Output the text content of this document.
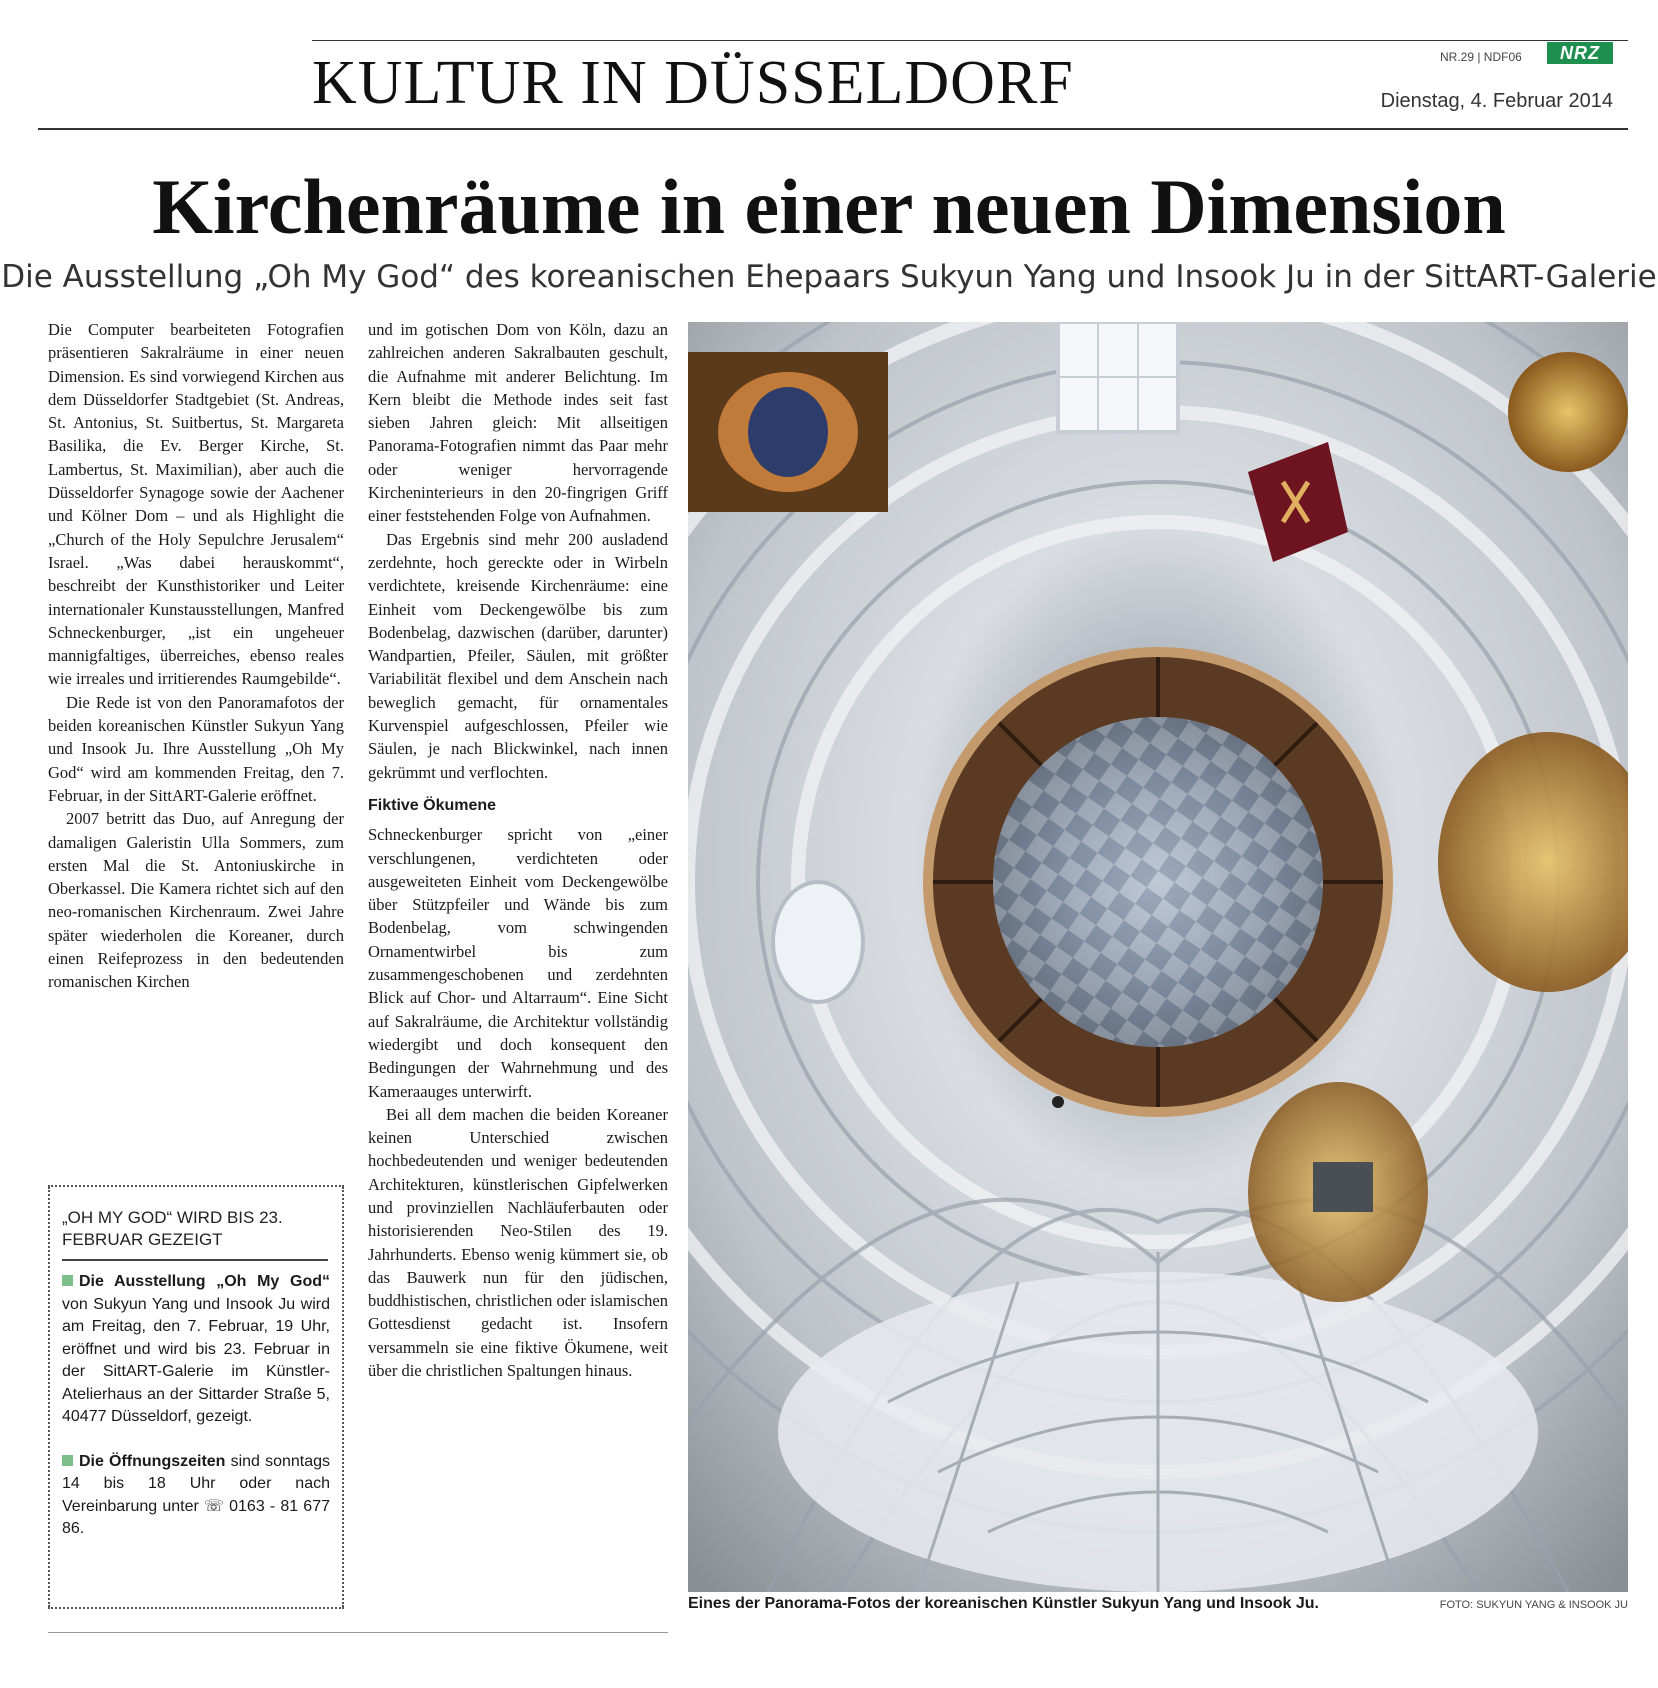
KULTUR IN DÜSSELDORF	NR.29 | NDF06	NRZ
Dienstag, 4. Februar 2014
Kirchenräume in einer neuen Dimension
Die Ausstellung „Oh My God“ des koreanischen Ehepaars Sukyun Yang und Insook Ju in der SittART-Galerie

Die Computer bearbeiteten Fotografien präsentieren Sakralräume in einer neuen Dimension. Es sind vorwiegend Kirchen aus dem Düsseldorfer Stadtgebiet (St. Andreas, St. Antonius, St. Suitbertus, St. Margareta Basilika, die Ev. Berger Kirche, St. Lambertus, St. Maximilian), aber auch die Düsseldorfer Synagoge sowie der Aachener und Kölner Dom – und als Highlight die „Church of the Holy Sepulchre Jerusalem“ Israel. „Was dabei herauskommt“, beschreibt der Kunsthistoriker und Leiter internationaler Kunstausstellungen, Manfred Schneckenburger, „ist ein ungeheuer mannigfaltiges, überreiches, ebenso reales wie irreales und irritierendes Raumgebilde“.

Die Rede ist von den Panoramafotos der beiden koreanischen Künstler Sukyun Yang und Insook Ju. Ihre Ausstellung „Oh My God“ wird am kommenden Freitag, den 7. Februar, in der SittART-Galerie eröffnet.

2007 betritt das Duo, auf Anregung der damaligen Galeristin Ulla Sommers, zum ersten Mal die St. Antoniuskirche in Oberkassel. Die Kamera richtet sich auf den neo-romanischen Kirchenraum. Zwei Jahre später wiederholen die Koreaner, durch einen Reifeprozess in den bedeutenden romanischen Kirchen

und im gotischen Dom von Köln, dazu an zahlreichen anderen Sakralbauten geschult, die Aufnahme mit anderer Belichtung. Im Kern bleibt die Methode indes seit fast sieben Jahren gleich: Mit allseitigen Panorama-Fotografien nimmt das Paar mehr oder weniger hervorragende Kircheninterieurs in den 20-fingrigen Griff einer feststehenden Folge von Aufnahmen.

Das Ergebnis sind mehr 200 ausladend zerdehnte, hoch gereckte oder in Wirbeln verdichtete, kreisende Kirchenräume: eine Einheit vom Deckengewölbe bis zum Bodenbelag, dazwischen (darüber, darunter) Wandpartien, Pfeiler, Säulen, mit größter Variabilität flexibel und dem Anschein nach beweglich gemacht, für ornamentales Kurvenspiel aufgeschlossen, Pfeiler wie Säulen, je nach Blickwinkel, nach innen gekrümmt und verflochten.

Fiktive Ökumene

Schneckenburger spricht von „einer verschlungenen, verdichteten oder ausgeweiteten Einheit vom Deckengewölbe über Stützpfeiler und Wände bis zum Bodenbelag, vom schwingenden Ornamentwirbel bis zum zusammengeschobenen und zerdehnten Blick auf Chor- und Altarraum“. Eine Sicht auf Sakralräume, die Architektur vollständig wiedergibt und doch konsequent den Bedingungen der Wahrnehmung und des Kameraauges unterwirft.

Bei all dem machen die beiden Koreaner keinen Unterschied zwischen hochbedeutenden und weniger bedeutenden Architekturen, künstlerischen Gipfelwerken und provinziellen Nachläuferbauten oder historisierenden Neo-Stilen des 19. Jahrhunderts. Ebenso wenig kümmert sie, ob das Bauwerk nun für den jüdischen, buddhistischen, christlichen oder islamischen Gottesdienst gedacht ist. Insofern versammeln sie eine fiktive Ökumene, weit über die christlichen Spaltungen hinaus.

„OH MY GOD“ WIRD BIS 23. FEBRUAR GEZEIGT

Die Ausstellung „Oh My God“ von Sukyun Yang und Insook Ju wird am Freitag, den 7. Februar, 19 Uhr, eröffnet und wird bis 23. Februar in der SittART-Galerie im Künstler-Atelierhaus an der Sittarder Straße 5, 40477 Düsseldorf, gezeigt.

Die Öffnungszeiten sind sonntags 14 bis 18 Uhr oder nach Vereinbarung unter ☏ 0163 - 81 677 86.

Eines der Panorama-Fotos der koreanischen Künstler Sukyun Yang und Insook Ju.	FOTO: SUKYUN YANG & INSOOK JU
